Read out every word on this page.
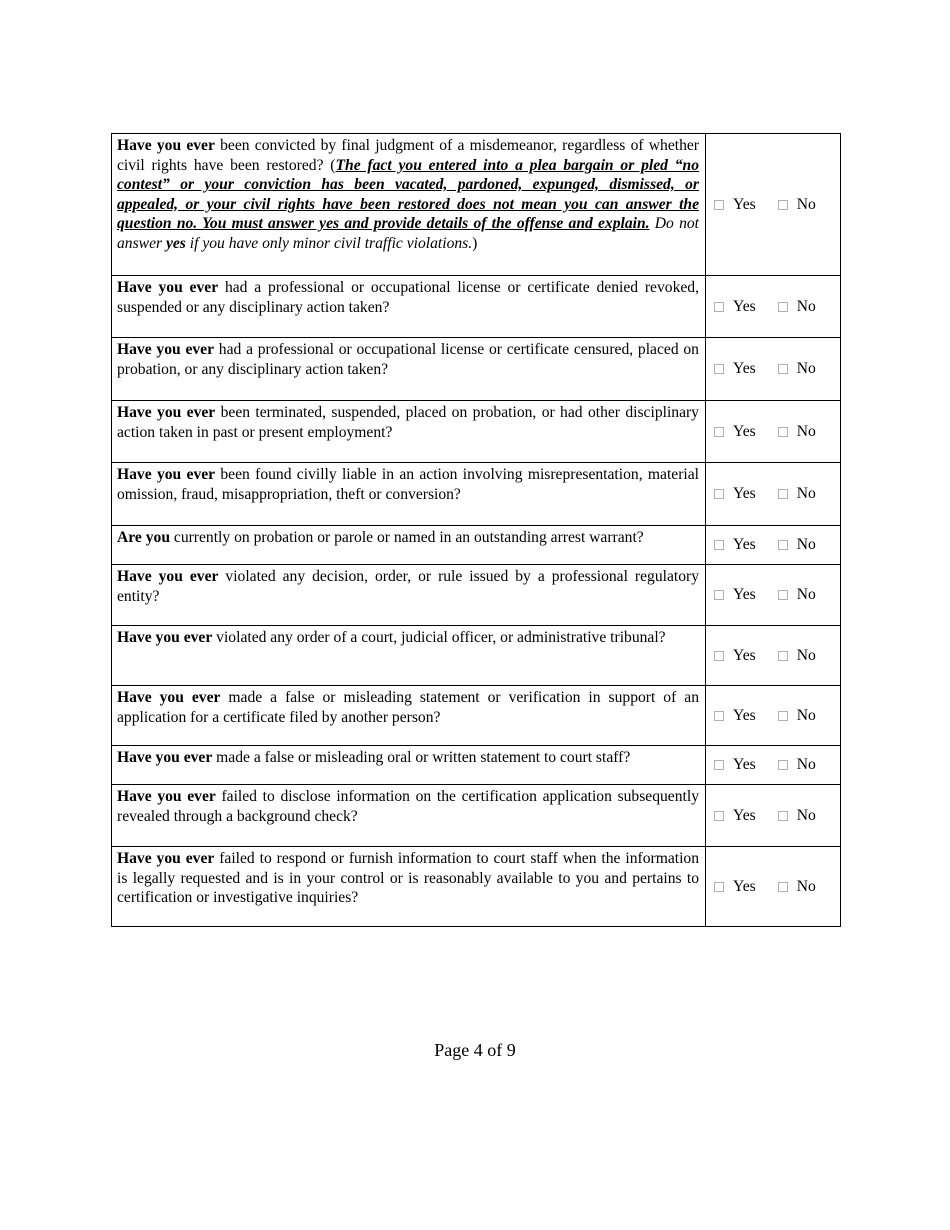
Have you ever been convicted by final judgment of a misdemeanor, regardless of whether civil rights have been restored? (The fact you entered into a plea bargain or pled “no contest” or your conviction has been vacated, pardoned, expunged, dismissed, or appealed, or your civil rights have been restored does not mean you can answer the question no. You must answer yes and provide details of the offense and explain. Do not answer yes if you have only minor civil traffic violations.)	Yes No

Have you ever had a professional or occupational license or certificate denied revoked, suspended or any disciplinary action taken?	Yes No

Have you ever had a professional or occupational license or certificate censured, placed on probation, or any disciplinary action taken?	Yes No

Have you ever been terminated, suspended, placed on probation, or had other disciplinary action taken in past or present employment?	Yes No

Have you ever been found civilly liable in an action involving misrepresentation, material omission, fraud, misappropriation, theft or conversion?	Yes No

Are you currently on probation or parole or named in an outstanding arrest warrant?	Yes No

Have you ever violated any decision, order, or rule issued by a professional regulatory entity?	Yes No

Have you ever violated any order of a court, judicial officer, or administrative tribunal?	Yes No

Have you ever made a false or misleading statement or verification in support of an application for a certificate filed by another person?	Yes No

Have you ever made a false or misleading oral or written statement to court staff?	Yes No

Have you ever failed to disclose information on the certification application subsequently revealed through a background check?	Yes No

Have you ever failed to respond or furnish information to court staff when the information is legally requested and is in your control or is reasonably available to you and pertains to certification or investigative inquiries?	Yes No
Page 4 of 9
